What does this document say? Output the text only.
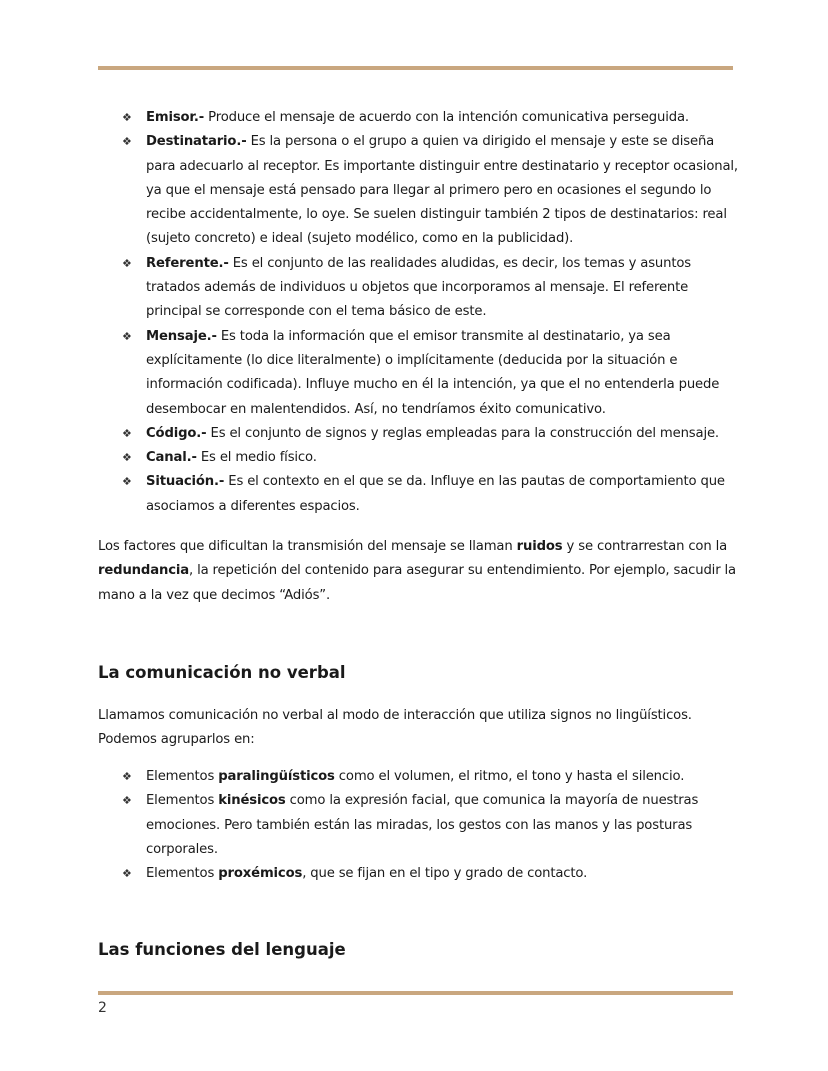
❖ Emisor.- Produce el mensaje de acuerdo con la intención comunicativa perseguida.
❖ Destinatario.- Es la persona o el grupo a quien va dirigido el mensaje y este se diseña para adecuarlo al receptor. Es importante distinguir entre destinatario y receptor ocasional, ya que el mensaje está pensado para llegar al primero pero en ocasiones el segundo lo recibe accidentalmente, lo oye. Se suelen distinguir también 2 tipos de destinatarios: real (sujeto concreto) e ideal (sujeto modélico, como en la publicidad).
❖ Referente.- Es el conjunto de las realidades aludidas, es decir, los temas y asuntos tratados además de individuos u objetos que incorporamos al mensaje. El referente principal se corresponde con el tema básico de este.
❖ Mensaje.- Es toda la información que el emisor transmite al destinatario, ya sea explícitamente (lo dice literalmente) o implícitamente (deducida por la situación e información codificada). Influye mucho en él la intención, ya que el no entenderla puede desembocar en malentendidos. Así, no tendríamos éxito comunicativo.
❖ Código.- Es el conjunto de signos y reglas empleadas para la construcción del mensaje.
❖ Canal.- Es el medio físico.
❖ Situación.- Es el contexto en el que se da. Influye en las pautas de comportamiento que asociamos a diferentes espacios.
Los factores que dificultan la transmisión del mensaje se llaman ruidos y se contrarrestan con la redundancia, la repetición del contenido para asegurar su entendimiento. Por ejemplo, sacudir la mano a la vez que decimos “Adiós”.
La comunicación no verbal
Llamamos comunicación no verbal al modo de interacción que utiliza signos no lingüísticos. Podemos agruparlos en:
❖ Elementos paralingüísticos como el volumen, el ritmo, el tono y hasta el silencio.
❖ Elementos kinésicos como la expresión facial, que comunica la mayoría de nuestras emociones. Pero también están las miradas, los gestos con las manos y las posturas corporales.
❖ Elementos proxémicos, que se fijan en el tipo y grado de contacto.
Las funciones del lenguaje
2
